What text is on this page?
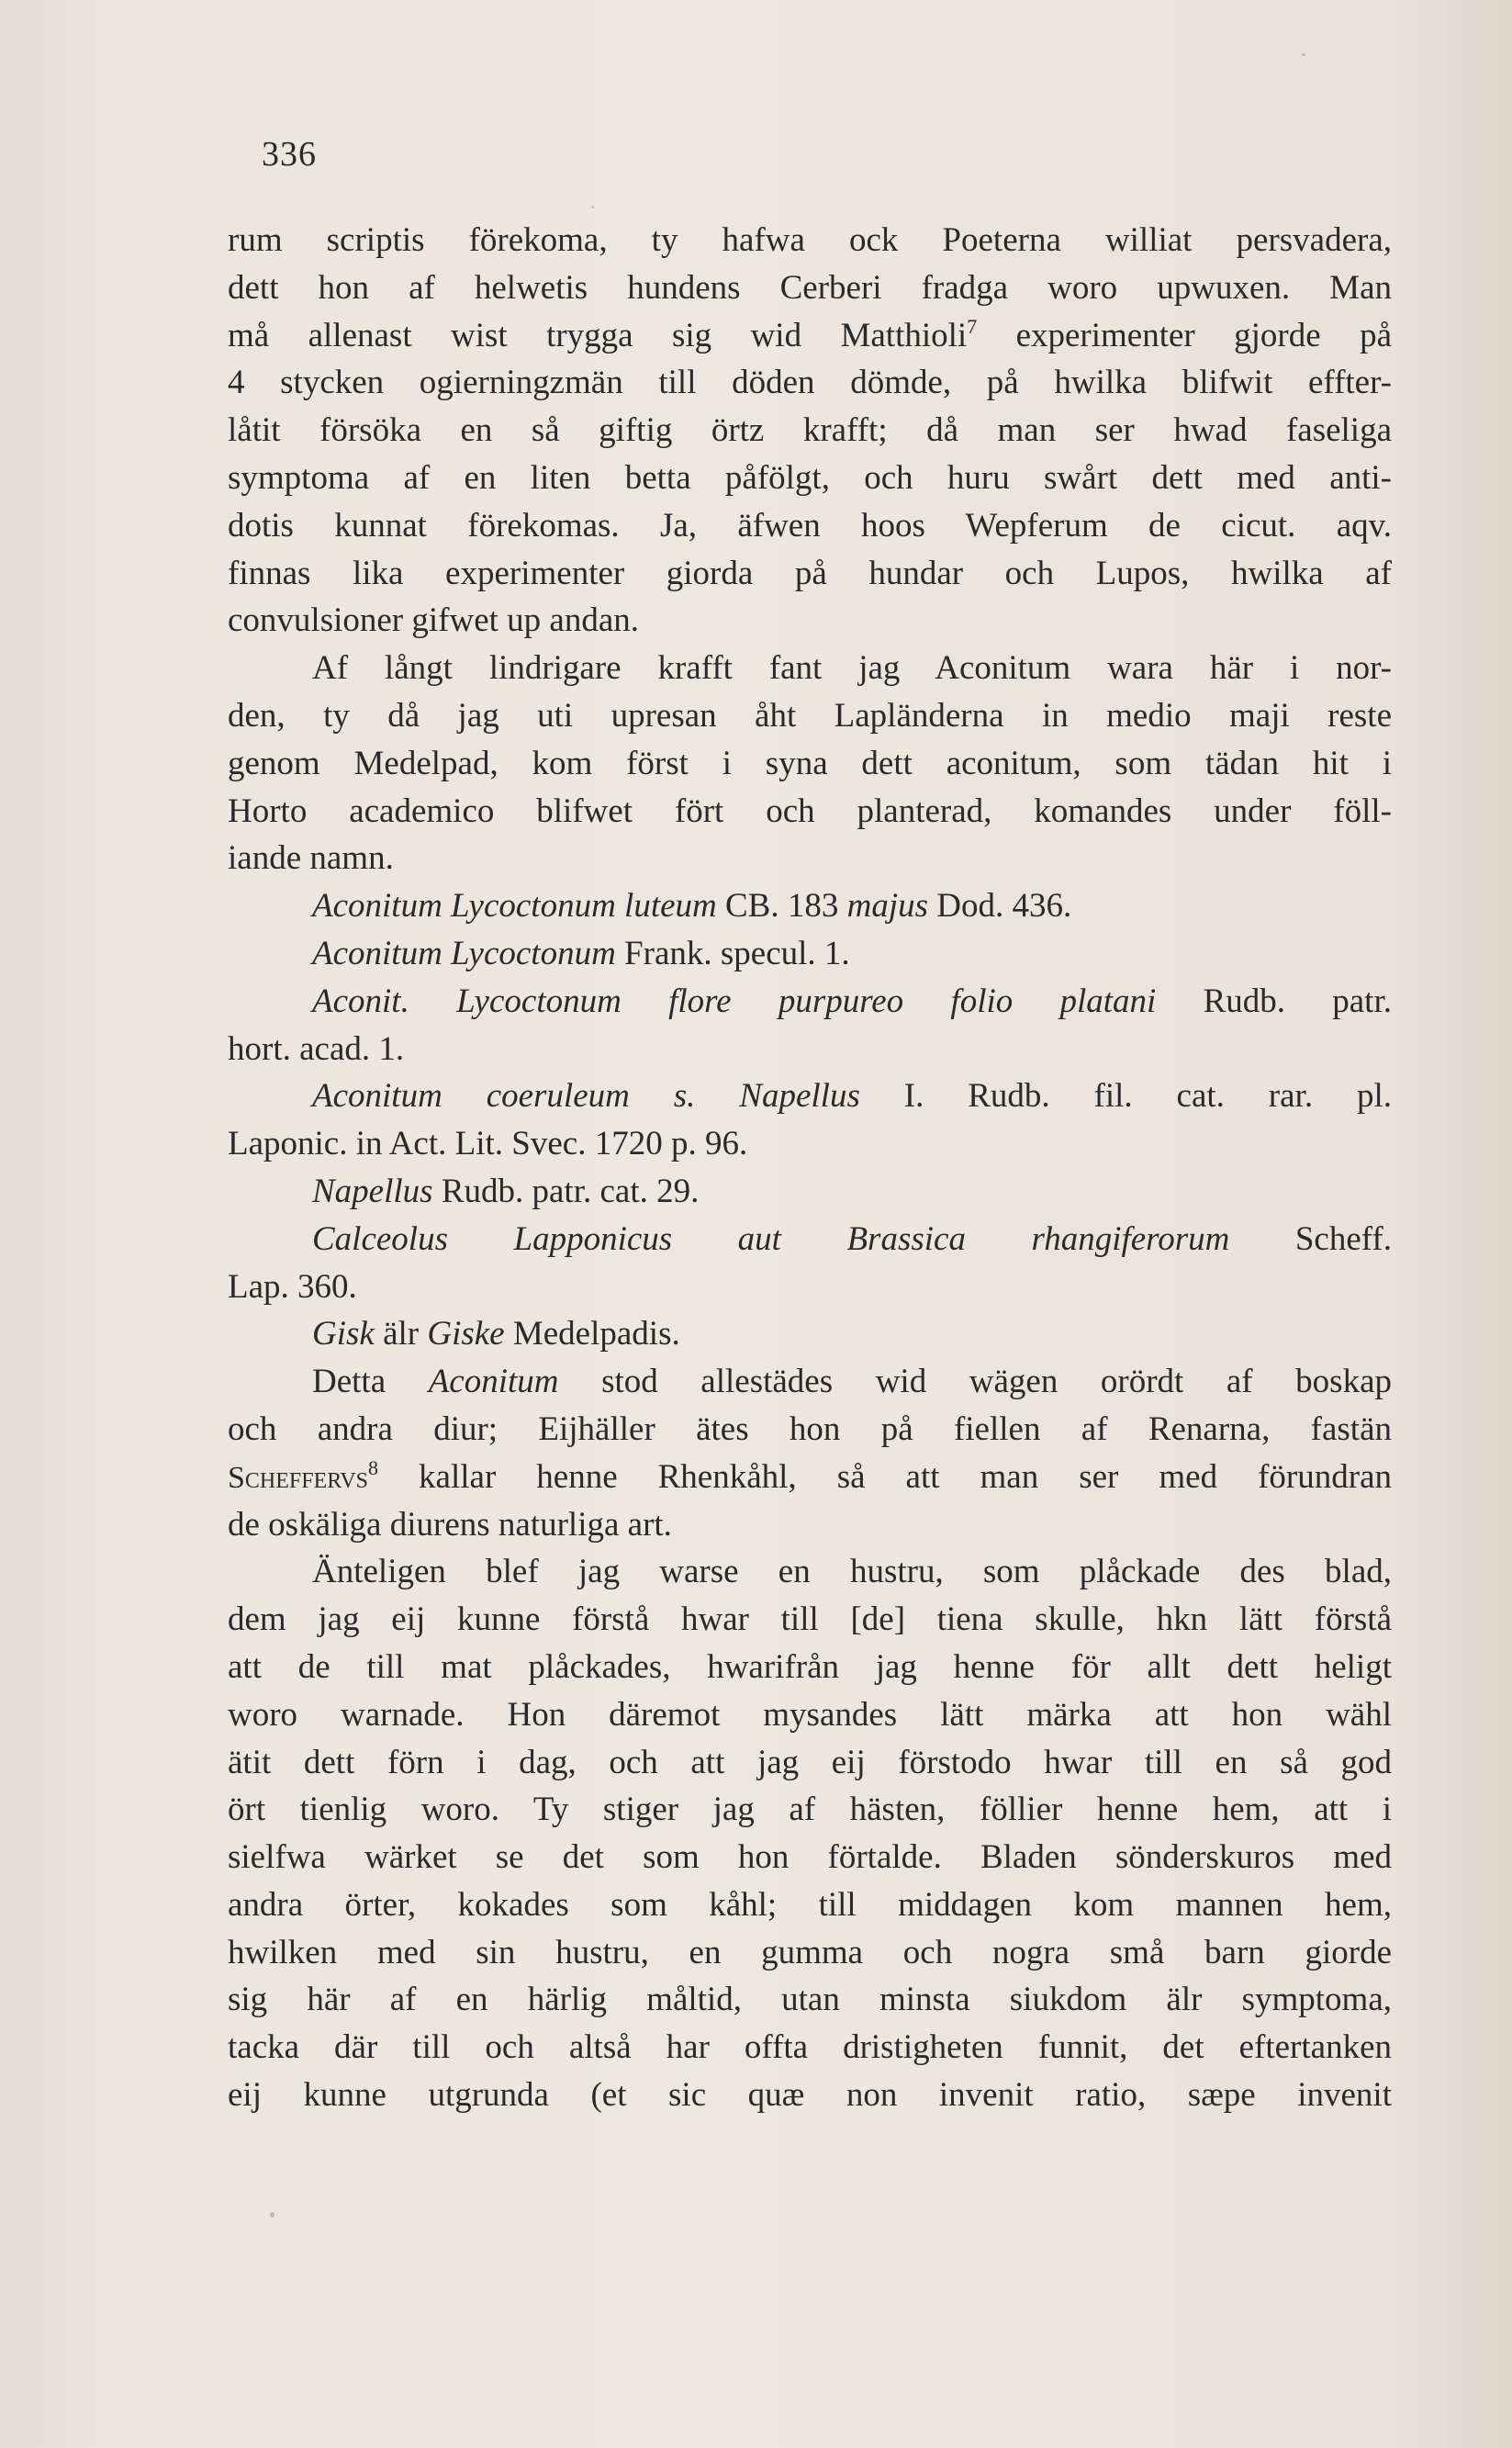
336
rum scriptis förekoma, ty hafwa ock Poeterna williat persvadera,
dett hon af helwetis hundens Cerberi fradga woro upwuxen. Man
må allenast wist trygga sig wid Matthioli$^7$ experimenter gjorde på
4 stycken ogierningzmän till döden dömde, på hwilka blifwit effter-
låtit försöka en så giftig örtz krafft; då man ser hwad faseliga
symptoma af en liten betta påfölgt, och huru swårt dett med anti-
dotis kunnat förekomas. Ja, äfwen hoos Wepferum de cicut. aqv.
finnas lika experimenter giorda på hundar och Lupos, hwilka af
convulsioner gifwet up andan.
Af långt lindrigare krafft fant jag Aconitum wara här i nor-
den, ty då jag uti upresan åht Lapländerna in medio maji reste
genom Medelpad, kom först i syna dett aconitum, som tädan hit i
Horto academico blifwet fört och planterad, komandes under föll-
iande namn.
Aconitum Lycoctonum luteum CB. 183 majus Dod. 436.
Aconitum Lycoctonum Frank. specul. 1.
Aconit. Lycoctonum flore purpureo folio platani Rudb. patr.
hort. acad. 1.
Aconitum coeruleum s. Napellus I. Rudb. fil. cat. rar. pl.
Laponic. in Act. Lit. Svec. 1720 p. 96.
Napellus Rudb. patr. cat. 29.
Calceolus Lapponicus aut Brassica rhangiferorum Scheff.
Lap. 360.
Gisk älr Giske Medelpadis.
Detta Aconitum stod allestädes wid wägen orördt af boskap
och andra diur; Eijhäller ätes hon på fiellen af Renarna, fastän
Scheffervs$^8$ kallar henne Rhenkåhl, så att man ser med förundran
de oskäliga diurens naturliga art.
Änteligen blef jag warse en hustru, som plåckade des blad,
dem jag eij kunne förstå hwar till [de] tiena skulle, hkn lätt förstå
att de till mat plåckades, hwarifrån jag henne för allt dett heligt
woro warnade. Hon däremot mysandes lätt märka att hon wähl
ätit dett förn i dag, och att jag eij förstodo hwar till en så god
ört tienlig woro. Ty stiger jag af hästen, föllier henne hem, att i
sielfwa wärket se det som hon förtalde. Bladen sönderskuros med
andra örter, kokades som kåhl; till middagen kom mannen hem,
hwilken med sin hustru, en gumma och nogra små barn giorde
sig här af en härlig måltid, utan minsta siukdom älr symptoma,
tacka där till och altså har offta dristigheten funnit, det eftertanken
eij kunne utgrunda (et sic quæ non invenit ratio, sæpe invenit
